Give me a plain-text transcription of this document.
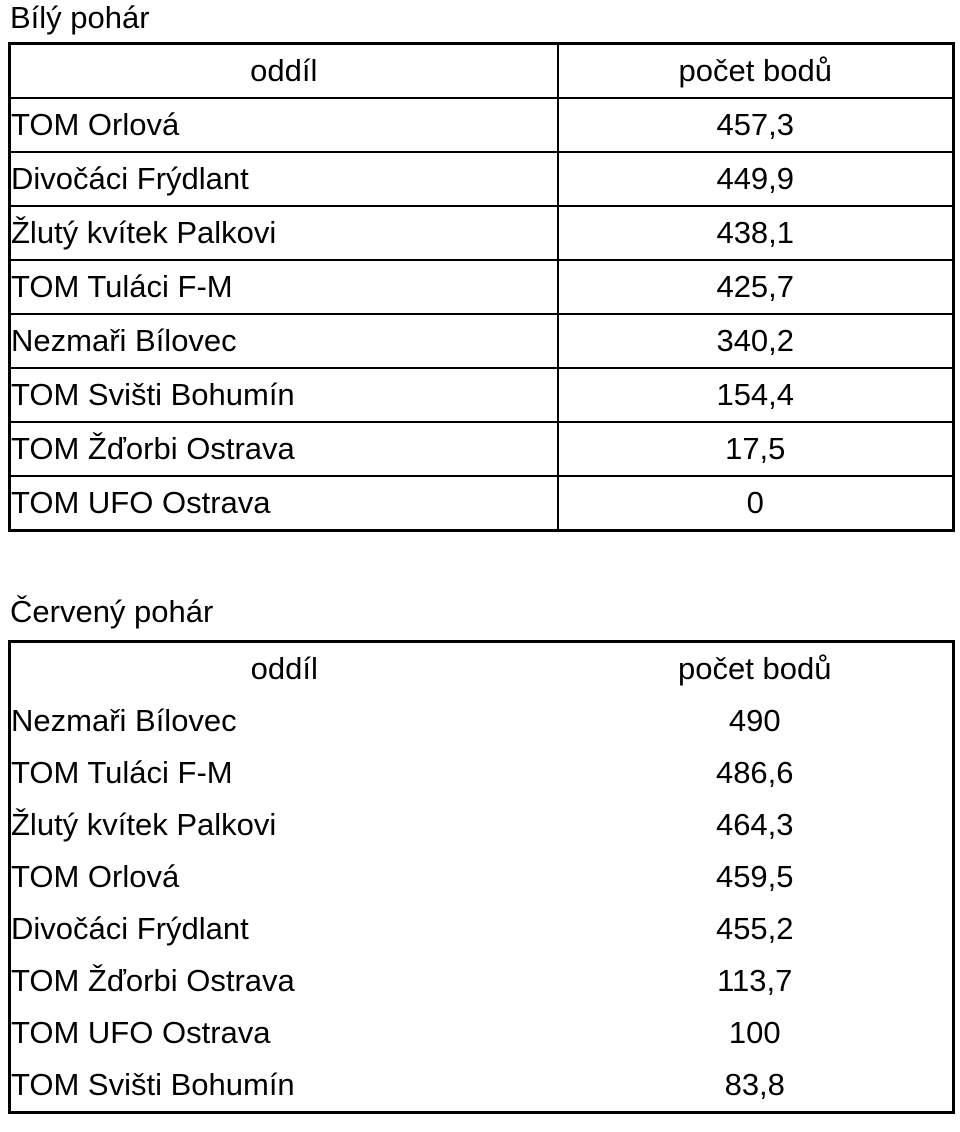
Bílý pohár
oddíl	počet bodů
TOM Orlová	457,3
Divočáci Frýdlant	449,9
Žlutý kvítek Palkovi	438,1
TOM Tuláci F-M	425,7
Nezmaři Bílovec	340,2
TOM Svišti Bohumín	154,4
TOM Žďorbi Ostrava	17,5
TOM UFO Ostrava	0
Červený pohár
oddíl	počet bodů
Nezmaři Bílovec	490
TOM Tuláci F-M	486,6
Žlutý kvítek Palkovi	464,3
TOM Orlová	459,5
Divočáci Frýdlant	455,2
TOM Žďorbi Ostrava	113,7
TOM UFO Ostrava	100
TOM Svišti Bohumín	83,8
